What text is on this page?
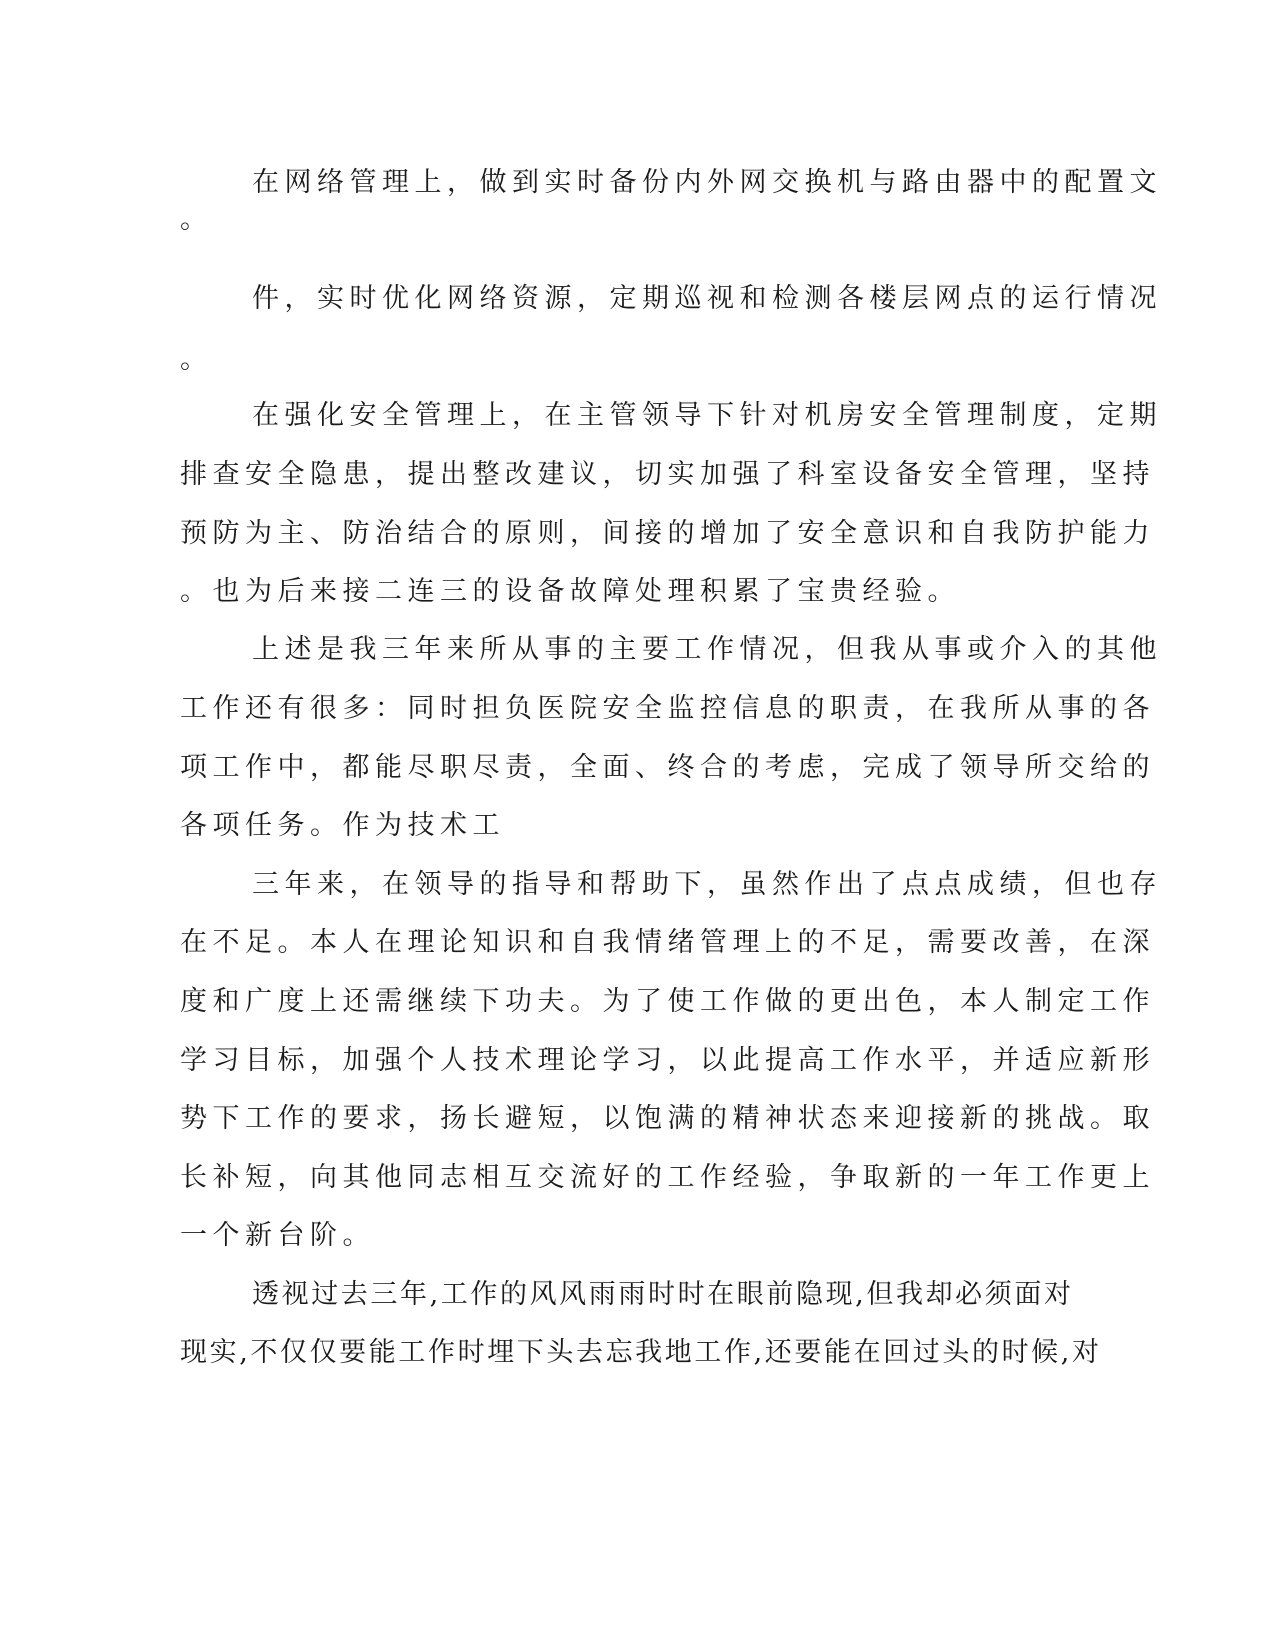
在网络管理上，做到实时备份内外网交换机与路由器中的配置文
。
件，实时优化网络资源，定期巡视和检测各楼层网点的运行情况
。
在强化安全管理上，在主管领导下针对机房安全管理制度，定期
排查安全隐患，提出整改建议，切实加强了科室设备安全管理，坚持
预防为主、防治结合的原则，间接的增加了安全意识和自我防护能力
。也为后来接二连三的设备故障处理积累了宝贵经验。
上述是我三年来所从事的主要工作情况，但我从事或介入的其他
工作还有很多：同时担负医院安全监控信息的职责，在我所从事的各
项工作中，都能尽职尽责，全面、终合的考虑，完成了领导所交给的
各项任务。作为技术工
三年来，在领导的指导和帮助下，虽然作出了点点成绩，但也存
在不足。本人在理论知识和自我情绪管理上的不足，需要改善，在深
度和广度上还需继续下功夫。为了使工作做的更出色，本人制定工作
学习目标，加强个人技术理论学习，以此提高工作水平，并适应新形
势下工作的要求，扬长避短，以饱满的精神状态来迎接新的挑战。取
长补短，向其他同志相互交流好的工作经验，争取新的一年工作更上
一个新台阶。
透视过去三年,工作的风风雨雨时时在眼前隐现,但我却必须面对
现实,不仅仅要能工作时埋下头去忘我地工作,还要能在回过头的时候,对
